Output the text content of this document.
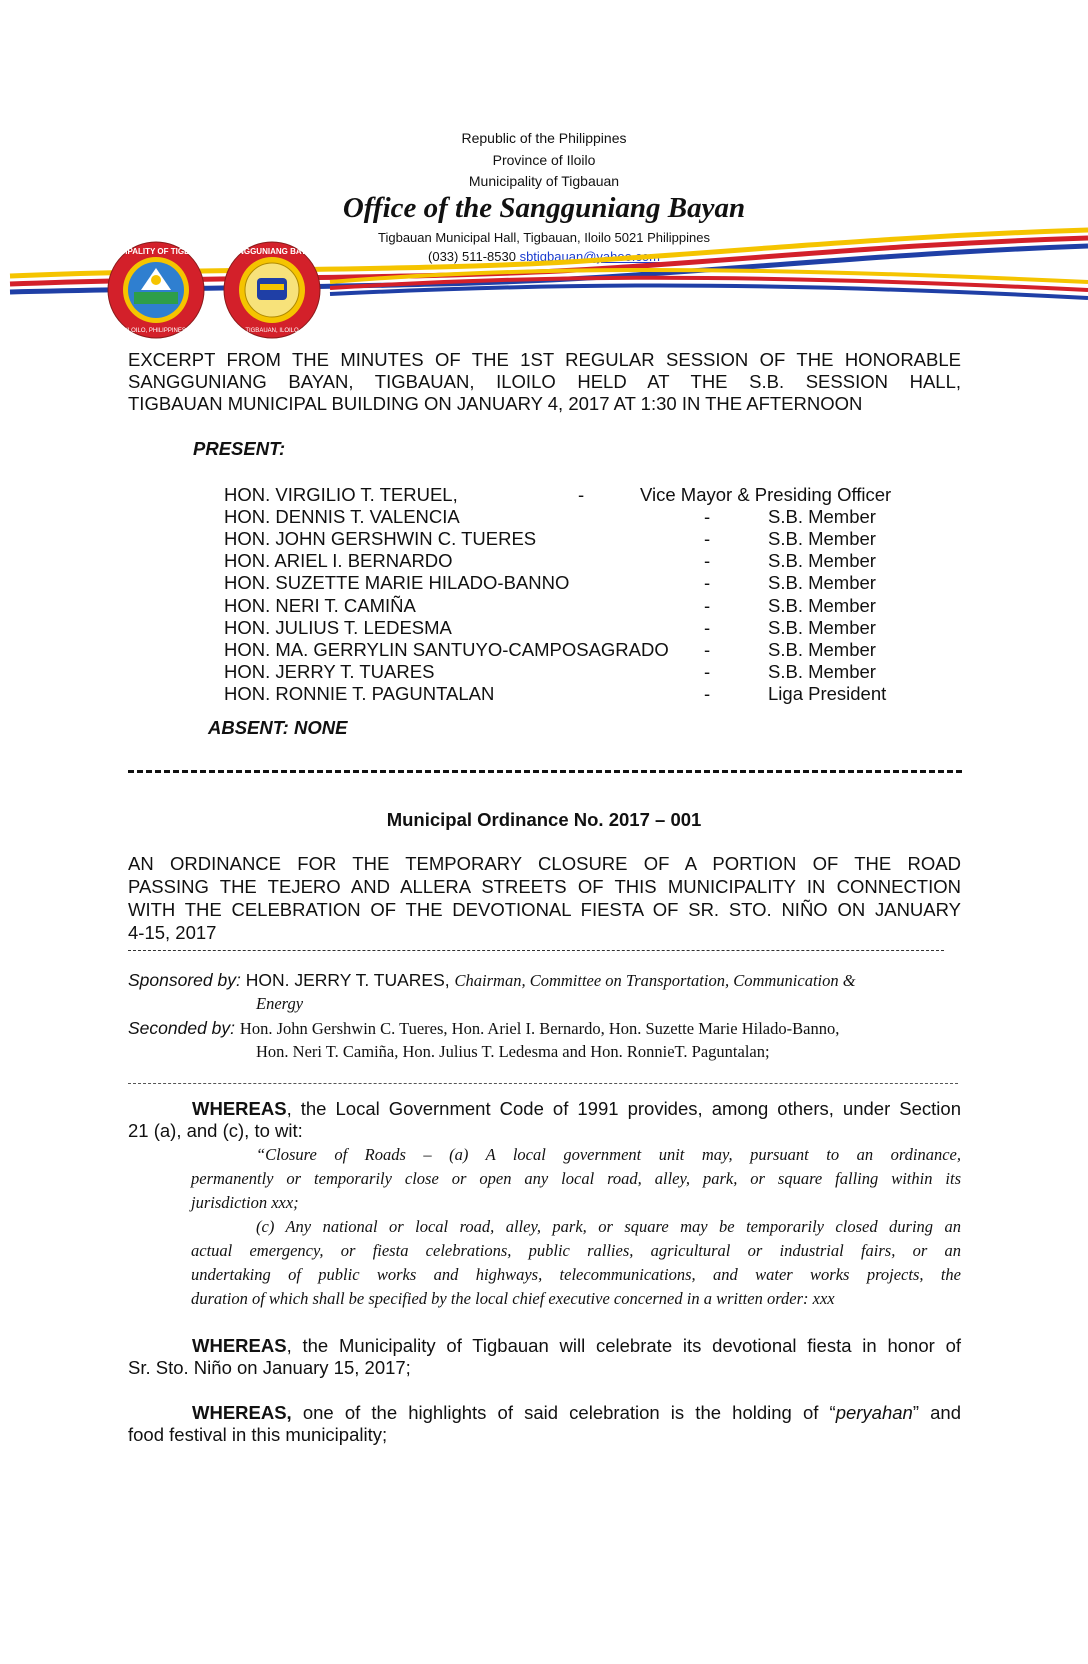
Republic of the Philippines
Province of Iloilo
Municipality of Tigbauan
Office of the Sangguniang Bayan
Tigbauan Municipal Hall, Tigbauan, Iloilo 5021 Philippines
(033) 511-8530 sbtigbauan@yahoo.com
MUNICIPALITY OF TIGBAUAN
ILOILO, PHILIPPINES
SANGGUNIANG BAYAN
TIGBAUAN, ILOILO
EXCERPT FROM THE MINUTES OF THE 1ST REGULAR SESSION OF THE HONORABLE
SANGGUNIANG BAYAN, TIGBAUAN, ILOILO HELD AT THE S.B. SESSION HALL,
TIGBAUAN MUNICIPAL BUILDING ON JANUARY 4, 2017 AT 1:30 IN THE AFTERNOON
PRESENT:
HON. VIRGILIO T. TERUEL,	-	Vice Mayor & Presiding Officer
HON. DENNIS T. VALENCIA	-	S.B. Member
HON. JOHN GERSHWIN C. TUERES	-	S.B. Member
HON. ARIEL I. BERNARDO	-	S.B. Member
HON. SUZETTE MARIE HILADO-BANNO	-	S.B. Member
HON. NERI T. CAMIÑA	-	S.B. Member
HON. JULIUS T. LEDESMA	-	S.B. Member
HON. MA. GERRYLIN SANTUYO-CAMPOSAGRADO -	S.B. Member
HON. JERRY T. TUARES	-	S.B. Member
HON. RONNIE T. PAGUNTALAN	-	Liga President
ABSENT: NONE
Municipal Ordinance No. 2017 – 001
AN ORDINANCE FOR THE TEMPORARY CLOSURE OF A PORTION OF THE ROAD
PASSING THE TEJERO AND ALLERA STREETS OF THIS MUNICIPALITY IN CONNECTION
WITH THE CELEBRATION OF THE DEVOTIONAL FIESTA OF SR. STO. NIÑO ON JANUARY
4-15, 2017
Sponsored by: HON. JERRY T. TUARES, Chairman, Committee on Transportation, Communication &
Energy
Seconded by: Hon. John Gershwin C. Tueres, Hon. Ariel I. Bernardo, Hon. Suzette Marie Hilado-Banno,
Hon. Neri T. Camiña, Hon. Julius T. Ledesma and Hon. RonnieT. Paguntalan;
WHEREAS, the Local Government Code of 1991 provides, among others, under Section
21 (a), and (c), to wit:
“Closure of Roads – (a) A local government unit may, pursuant to an ordinance,
permanently or temporarily close or open any local road, alley, park, or square falling within its
jurisdiction xxx;
(c) Any national or local road, alley, park, or square may be temporarily closed during an
actual emergency, or fiesta celebrations, public rallies, agricultural or industrial fairs, or an
undertaking of public works and highways, telecommunications, and water works projects, the
duration of which shall be specified by the local chief executive concerned in a written order: xxx
WHEREAS, the Municipality of Tigbauan will celebrate its devotional fiesta in honor of
Sr. Sto. Niño on January 15, 2017;
WHEREAS, one of the highlights of said celebration is the holding of “peryahan” and
food festival in this municipality;
